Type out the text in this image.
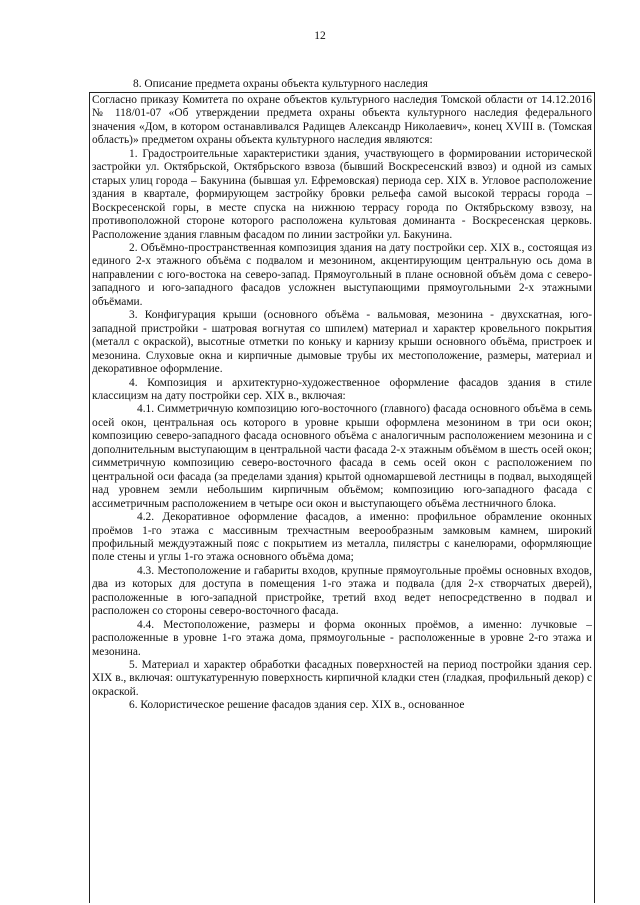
12
8. Описание предмета охраны объекта культурного наследия

Согласно приказу Комитета по охране объектов культурного наследия Томской области от 14.12.2016 № 118/01-07 «Об утверждении предмета охраны объекта культурного наследия федерального значения «Дом, в котором останавливался Радищев Александр Николаевич», конец XVIII в. (Томская область)» предметом охраны объекта культурного наследия являются:

1. Градостроительные характеристики здания, участвующего в формировании исторической застройки ул. Октябрьской, Октябрьского взвоза (бывший Воскресенский взвоз) и одной из самых старых улиц города – Бакунина (бывшая ул. Ефремовская) периода сер. XIX в. Угловое расположение здания в квартале, формирующем застройку бровки рельефа самой высокой террасы города – Воскресенской горы, в месте спуска на нижнюю террасу города по Октябрьскому взвозу, на противоположной стороне которого расположена культовая доминанта - Воскресенская церковь. Расположение здания главным фасадом по линии застройки ул. Бакунина.

2. Объёмно-пространственная композиция здания на дату постройки сер. XIX в., состоящая из единого 2-х этажного объёма с подвалом и мезонином, акцентирующим центральную ось дома в направлении с юго-востока на северо-запад. Прямоугольный в плане основной объём дома с северо-западного и юго-западного фасадов усложнен выступающими прямоугольными 2-х этажными объёмами.

3. Конфигурация крыши (основного объёма - вальмовая, мезонина - двухскатная, юго-западной пристройки - шатровая вогнутая со шпилем) материал и характер кровельного покрытия (металл с окраской), высотные отметки по коньку и карнизу крыши основного объёма, пристроек и мезонина. Слуховые окна и кирпичные дымовые трубы их местоположение, размеры, материал и декоративное оформление.

4. Композиция и архитектурно-художественное оформление фасадов здания в стиле классицизм на дату постройки сер. XIX в., включая:

4.1. Симметричную композицию юго-восточного (главного) фасада основного объёма в семь осей окон, центральная ось которого в уровне крыши оформлена мезонином в три оси окон; композицию северо-западного фасада основного объёма с аналогичным расположением мезонина и с дополнительным выступающим в центральной части фасада 2-х этажным объёмом в шесть осей окон; симметричную композицию северо-восточного фасада в семь осей окон с расположением по центральной оси фасада (за пределами здания) крытой одномаршевой лестницы в подвал, выходящей над уровнем земли небольшим кирпичным объёмом; композицию юго-западного фасада с ассиметричным расположением в четыре оси окон и выступающего объёма лестничного блока.

4.2. Декоративное оформление фасадов, а именно: профильное обрамление оконных проёмов 1-го этажа с массивным трехчастным веерообразным замковым камнем, широкий профильный междуэтажный пояс с покрытием из металла, пилястры с канелюрами, оформляющие поле стены и углы 1-го этажа основного объёма дома;

4.3. Местоположение и габариты входов, крупные прямоугольные проёмы основных входов, два из которых для доступа в помещения 1-го этажа и подвала (для 2-х створчатых дверей), расположенные в юго-западной пристройке, третий вход ведет непосредственно в подвал и расположен со стороны северо-восточного фасада.

4.4. Местоположение, размеры и форма оконных проёмов, а именно: лучковые – расположенные в уровне 1-го этажа дома, прямоугольные - расположенные в уровне 2-го этажа и мезонина.

5. Материал и характер обработки фасадных поверхностей на период постройки здания сер. XIX в., включая: оштукатуренную поверхность кирпичной кладки стен (гладкая, профильный декор) с окраской.

6. Колористическое решение фасадов здания сер. XIX в., основанное
